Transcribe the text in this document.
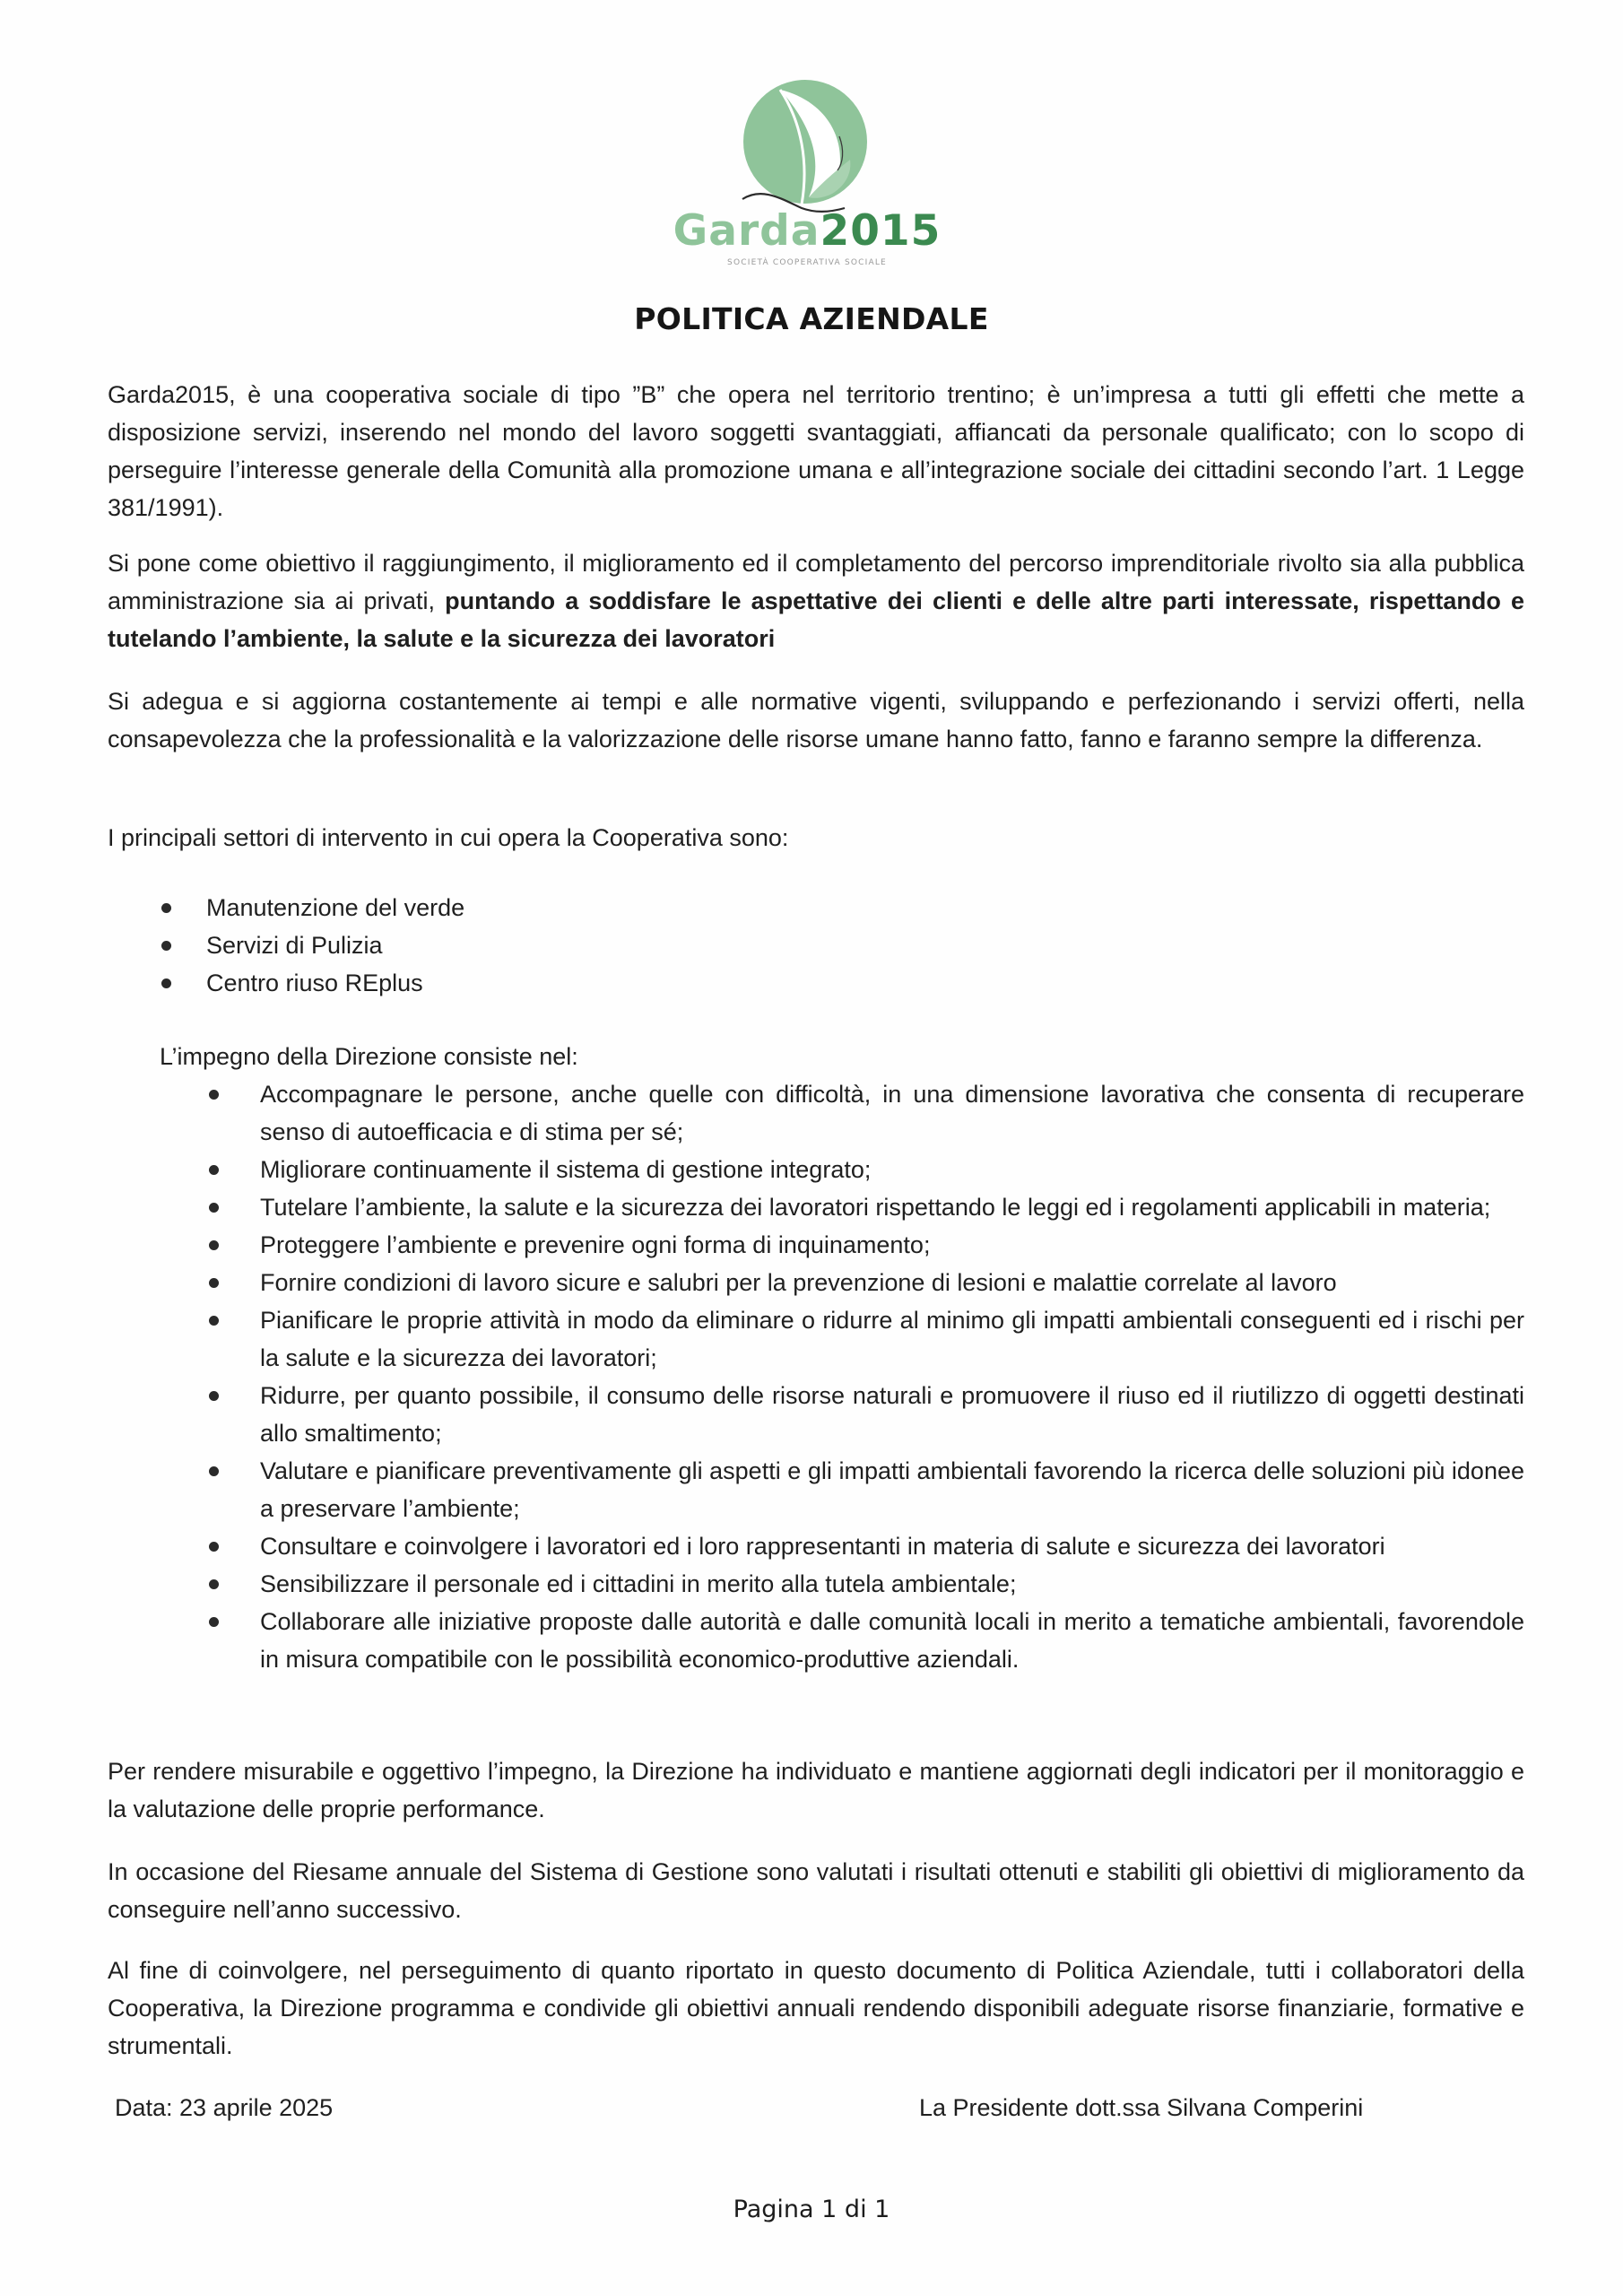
Garda2015
SOCIETÀ COOPERATIVA SOCIALE
POLITICA AZIENDALE
Garda2015, è una cooperativa sociale di tipo ”B” che opera nel territorio trentino; è un’impresa a tutti gli effetti che mette a disposizione servizi, inserendo nel mondo del lavoro soggetti svantaggiati, affiancati da personale qualificato; con lo scopo di perseguire l’interesse generale della Comunità alla promozione umana e all’integrazione sociale dei cittadini secondo l’art. 1 Legge 381/1991).
Si pone come obiettivo il raggiungimento, il miglioramento ed il completamento del percorso imprenditoriale rivolto sia alla pubblica amministrazione sia ai privati, puntando a soddisfare le aspettative dei clienti e delle altre parti interessate, rispettando e tutelando l’ambiente, la salute e la sicurezza dei lavoratori
Si adegua e si aggiorna costantemente ai tempi e alle normative vigenti, sviluppando e perfezionando i servizi offerti, nella consapevolezza che la professionalità e la valorizzazione delle risorse umane hanno fatto, fanno e faranno sempre la differenza.
I principali settori di intervento in cui opera la Cooperativa sono:
Manutenzione del verde
Servizi di Pulizia
Centro riuso REplus
L’impegno della Direzione consiste nel:
Accompagnare le persone, anche quelle con difficoltà, in una dimensione lavorativa che consenta di recuperare senso di autoefficacia e di stima per sé;
Migliorare continuamente il sistema di gestione integrato;
Tutelare l’ambiente, la salute e la sicurezza dei lavoratori rispettando le leggi ed i regolamenti applicabili in materia;
Proteggere l’ambiente e prevenire ogni forma di inquinamento;
Fornire condizioni di lavoro sicure e salubri per la prevenzione di lesioni e malattie correlate al lavoro
Pianificare le proprie attività in modo da eliminare o ridurre al minimo gli impatti ambientali conseguenti ed i rischi per la salute e la sicurezza dei lavoratori;
Ridurre, per quanto possibile, il consumo delle risorse naturali e promuovere il riuso ed il riutilizzo di oggetti destinati allo smaltimento;
Valutare e pianificare preventivamente gli aspetti e gli impatti ambientali favorendo la ricerca delle soluzioni più idonee a preservare l’ambiente;
Consultare e coinvolgere i lavoratori ed i loro rappresentanti in materia di salute e sicurezza dei lavoratori
Sensibilizzare il personale ed i cittadini in merito alla tutela ambientale;
Collaborare alle iniziative proposte dalle autorità e dalle comunità locali in merito a tematiche ambientali, favorendole in misura compatibile con le possibilità economico-produttive aziendali.
Per rendere misurabile e oggettivo l’impegno, la Direzione ha individuato e mantiene aggiornati degli indicatori per il monitoraggio e la valutazione delle proprie performance.
In occasione del Riesame annuale del Sistema di Gestione sono valutati i risultati ottenuti e stabiliti gli obiettivi di miglioramento da conseguire nell’anno successivo.
Al fine di coinvolgere, nel perseguimento di quanto riportato in questo documento di Politica Aziendale, tutti i collaboratori della Cooperativa, la Direzione programma e condivide gli obiettivi annuali rendendo disponibili adeguate risorse finanziarie, formative e strumentali.
Data: 23 aprile 2025	La Presidente dott.ssa Silvana Comperini
Pagina 1 di 1
